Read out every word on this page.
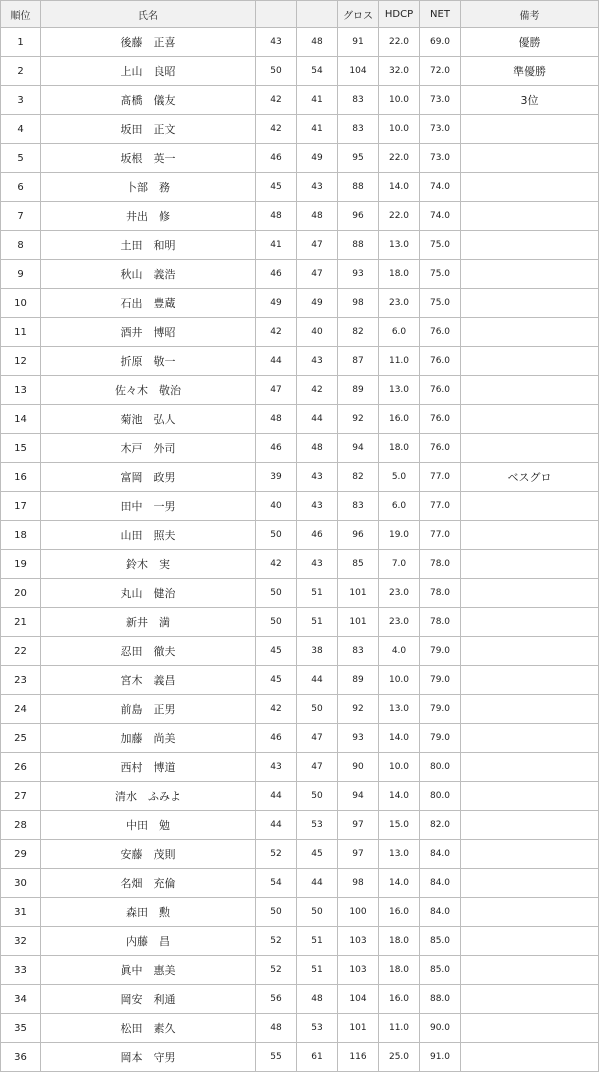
順位	氏名			グロス	HDCP	NET	備考
1	後藤　正喜	43	48	91	22.0	69.0	優勝
2	上山　良昭	50	54	104	32.0	72.0	準優勝
3	髙橋　儀友	42	41	83	10.0	73.0	3位
4	坂田　正文	42	41	83	10.0	73.0	
5	坂根　英一	46	49	95	22.0	73.0	
6	卜部　務	45	43	88	14.0	74.0	
7	井出　修	48	48	96	22.0	74.0	
8	土田　和明	41	47	88	13.0	75.0	
9	秋山　義浩	46	47	93	18.0	75.0	
10	石出　豊蔵	49	49	98	23.0	75.0	
11	酒井　博昭	42	40	82	6.0	76.0	
12	折原　敬一	44	43	87	11.0	76.0	
13	佐々木　敬治	47	42	89	13.0	76.0	
14	菊池　弘人	48	44	92	16.0	76.0	
15	木戸　外司	46	48	94	18.0	76.0	
16	富岡　政男	39	43	82	5.0	77.0	ベスグロ
17	田中　一男	40	43	83	6.0	77.0	
18	山田　照夫	50	46	96	19.0	77.0	
19	鈴木　実	42	43	85	7.0	78.0	
20	丸山　健治	50	51	101	23.0	78.0	
21	新井　満	50	51	101	23.0	78.0	
22	忍田　徹夫	45	38	83	4.0	79.0	
23	宮木　義昌	45	44	89	10.0	79.0	
24	前島　正男	42	50	92	13.0	79.0	
25	加藤　尚美	46	47	93	14.0	79.0	
26	西村　博道	43	47	90	10.0	80.0	
27	清水　ふみよ	44	50	94	14.0	80.0	
28	中田　勉	44	53	97	15.0	82.0	
29	安藤　茂則	52	45	97	13.0	84.0	
30	名畑　充倫	54	44	98	14.0	84.0	
31	森田　勲	50	50	100	16.0	84.0	
32	内藤　昌	52	51	103	18.0	85.0	
33	眞中　惠美	52	51	103	18.0	85.0	
34	岡安　利通	56	48	104	16.0	88.0	
35	松田　素久	48	53	101	11.0	90.0	
36	岡本　守男	55	61	116	25.0	91.0	
